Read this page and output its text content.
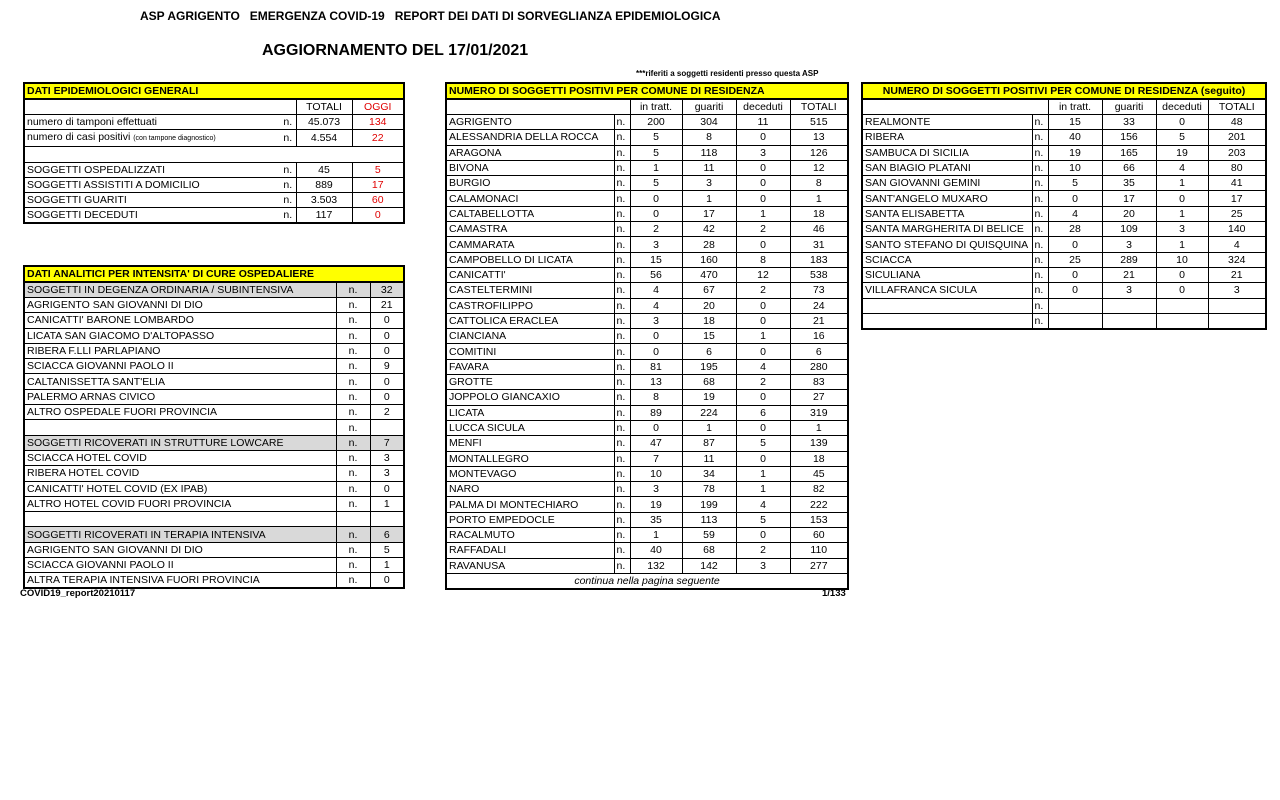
ASP AGRIGENTO   EMERGENZA COVID-19   REPORT DEI DATI DI SORVEGLIANZA EPIDEMIOLOGICA
AGGIORNAMENTO DEL 17/01/2021
***riferiti a soggetti residenti presso questa ASP
DATI EPIDEMIOLOGICI GENERALI			
		TOTALI	OGGI
numero di tamponi effettuati	n.	45.073	134
numero di casi positivi (con tampone diagnostico)	n.	4.554	22

SOGGETTI OSPEDALIZZATI	n.	45	5
SOGGETTI ASSISTITI A DOMICILIO	n.	889	17
SOGGETTI GUARITI	n.	3.503	60
SOGGETTI DECEDUTI	n.	117	0
DATI ANALITICI PER INTENSITA' DI CURE OSPEDALIERE		
SOGGETTI IN DEGENZA ORDINARIA / SUBINTENSIVA	n.	32
AGRIGENTO SAN GIOVANNI DI DIO	n.	21
CANICATTI' BARONE LOMBARDO	n.	0
LICATA SAN GIACOMO D'ALTOPASSO	n.	0
RIBERA F.LLI PARLAPIANO	n.	0
SCIACCA GIOVANNI PAOLO II	n.	9
CALTANISSETTA SANT'ELIA	n.	0
PALERMO ARNAS CIVICO	n.	0
ALTRO OSPEDALE FUORI PROVINCIA	n.	2
	n.	
SOGGETTI RICOVERATI IN STRUTTURE LOWCARE	n.	7
SCIACCA HOTEL COVID	n.	3
RIBERA HOTEL COVID	n.	3
CANICATTI' HOTEL COVID (EX IPAB)	n.	0
ALTRO HOTEL COVID FUORI PROVINCIA	n.	1

SOGGETTI RICOVERATI IN TERAPIA INTENSIVA	n.	6
AGRIGENTO SAN GIOVANNI DI DIO	n.	5
SCIACCA GIOVANNI PAOLO II	n.	1
ALTRA TERAPIA INTENSIVA FUORI PROVINCIA	n.	0
NUMERO DI SOGGETTI POSITIVI PER COMUNE DI RESIDENZA					
		in tratt.	guariti	deceduti	TOTALI
AGRIGENTO	n.	200	304	11	515
ALESSANDRIA DELLA ROCCA	n.	5	8	0	13
ARAGONA	n.	5	118	3	126
BIVONA	n.	1	11	0	12
BURGIO	n.	5	3	0	8
CALAMONACI	n.	0	1	0	1
CALTABELLOTTA	n.	0	17	1	18
CAMASTRA	n.	2	42	2	46
CAMMARATA	n.	3	28	0	31
CAMPOBELLO DI LICATA	n.	15	160	8	183
CANICATTI'	n.	56	470	12	538
CASTELTERMINI	n.	4	67	2	73
CASTROFILIPPO	n.	4	20	0	24
CATTOLICA ERACLEA	n.	3	18	0	21
CIANCIANA	n.	0	15	1	16
COMITINI	n.	0	6	0	6
FAVARA	n.	81	195	4	280
GROTTE	n.	13	68	2	83
JOPPOLO GIANCAXIO	n.	8	19	0	27
LICATA	n.	89	224	6	319
LUCCA SICULA	n.	0	1	0	1
MENFI	n.	47	87	5	139
MONTALLEGRO	n.	7	11	0	18
MONTEVAGO	n.	10	34	1	45
NARO	n.	3	78	1	82
PALMA DI MONTECHIARO	n.	19	199	4	222
PORTO EMPEDOCLE	n.	35	113	5	153
RACALMUTO	n.	1	59	0	60
RAFFADALI	n.	40	68	2	110
RAVANUSA	n.	132	142	3	277
continua nella pagina seguente					
NUMERO DI SOGGETTI POSITIVI PER COMUNE DI RESIDENZA (seguito)					
		in tratt.	guariti	deceduti	TOTALI
REALMONTE	n.	15	33	0	48
RIBERA	n.	40	156	5	201
SAMBUCA DI SICILIA	n.	19	165	19	203
SAN BIAGIO PLATANI	n.	10	66	4	80
SAN GIOVANNI GEMINI	n.	5	35	1	41
SANT'ANGELO MUXARO	n.	0	17	0	17
SANTA ELISABETTA	n.	4	20	1	25
SANTA MARGHERITA DI BELICE	n.	28	109	3	140
SANTO STEFANO DI QUISQUINA	n.	0	3	1	4
SCIACCA	n.	25	289	10	324
SICULIANA	n.	0	21	0	21
VILLAFRANCA SICULA	n.	0	3	0	3
	n.				
	n.				
COVID19_report20210117	1/133
